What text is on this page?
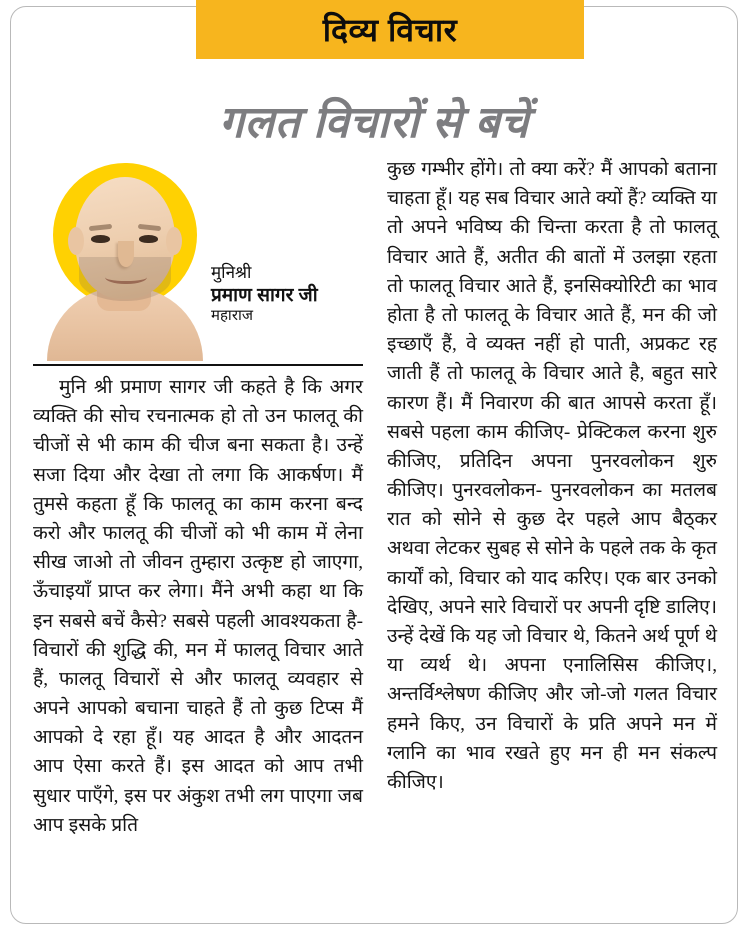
दिव्य विचार
गलत विचारों से बचें
मुनिश्री
प्रमाण सागर जी
महाराज

मुनि श्री प्रमाण सागर जी कहते है कि अगर व्यक्ति की सोच रचनात्मक हो तो उन फालतू की चीजों से भी काम की चीज बना सकता है। उन्हें सजा दिया और देखा तो लगा कि आकर्षण। मैं तुमसे कहता हूँ कि फालतू का काम करना बन्द करो और फालतू की चीजों को भी काम में लेना सीख जाओ तो जीवन तुम्हारा उत्कृष्ट हो जाएगा, ऊँचाइयाँ प्राप्त कर लेगा। मैंने अभी कहा था कि इन सबसे बचें कैसे? सबसे पहली आवश्यकता है- विचारों की शुद्धि की, मन में फालतू विचार आते हैं, फालतू विचारों से और फालतू व्यवहार से अपने आपको बचाना चाहते हैं तो कुछ टिप्स मैं आपको दे रहा हूँ। यह आदत है और आदतन आप ऐसा करते हैं। इस आदत को आप तभी सुधार पाएँगे, इस पर अंकुश तभी लग पाएगा जब आप इसके प्रति

कुछ गम्भीर होंगे। तो क्या करें? मैं आपको बताना चाहता हूँ। यह सब विचार आते क्यों हैं? व्यक्ति या तो अपने भविष्य की चिन्ता करता है तो फालतू विचार आते हैं, अतीत की बातों में उलझा रहता तो फालतू विचार आते हैं, इनसिक्योरिटी का भाव होता है तो फालतू के विचार आते हैं, मन की जो इच्छाएँ हैं, वे व्यक्त नहीं हो पाती, अप्रकट रह जाती हैं तो फालतू के विचार आते है, बहुत सारे कारण हैं। मैं निवारण की बात आपसे करता हूँ। सबसे पहला काम कीजिए- प्रेक्टिकल करना शुरु कीजिए, प्रतिदिन अपना पुनरवलोकन शुरु कीजिए। पुनरवलोकन- पुनरवलोकन का मतलब रात को सोने से कुछ देर पहले आप बैठ्कर अथवा लेटकर सुबह से सोने के पहले तक के कृत कार्यों को, विचार को याद करिए। एक बार उनको देखिए, अपने सारे विचारों पर अपनी दृष्टि डालिए। उन्हें देखें कि यह जो विचार थे, कितने अर्थ पूर्ण थे या व्यर्थ थे। अपना एनालिसिस कीजिए।, अन्तर्विश्लेषण कीजिए और जो-जो गलत विचार हमने किए, उन विचारों के प्रति अपने मन में ग्लानि का भाव रखते हुए मन ही मन संकल्प कीजिए।
